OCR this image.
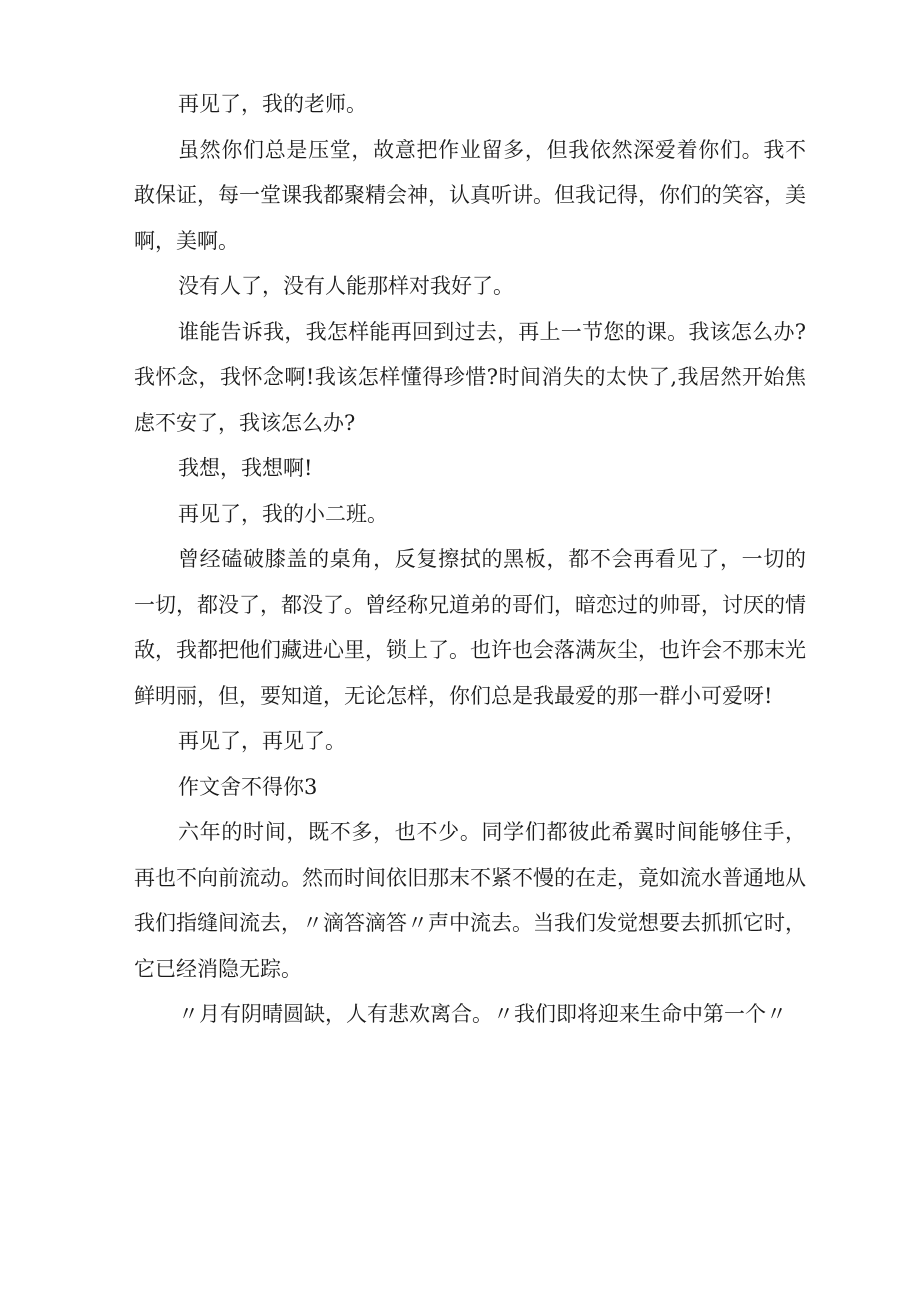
再见了，我的老师。

虽然你们总是压堂，故意把作业留多，但我依然深爱着你们。我不敢保证，每一堂课我都聚精会神，认真听讲。但我记得，你们的笑容，美啊，美啊。

没有人了，没有人能那样对我好了。

谁能告诉我，我怎样能再回到过去，再上一节您的课。我该怎么办?我怀念，我怀念啊!我该怎样懂得珍惜?时间消失的太快了,我居然开始焦虑不安了，我该怎么办?

我想，我想啊!

再见了，我的小二班。

曾经磕破膝盖的桌角，反复擦拭的黑板，都不会再看见了，一切的一切，都没了，都没了。曾经称兄道弟的哥们，暗恋过的帅哥，讨厌的情敌，我都把他们藏进心里，锁上了。也许也会落满灰尘，也许会不那末光鲜明丽，但，要知道，无论怎样，你们总是我最爱的那一群小可爱呀!

再见了，再见了。

作文舍不得你3

六年的时间，既不多，也不少。同学们都彼此希翼时间能够住手，再也不向前流动。然而时间依旧那末不紧不慢的在走，竟如流水普通地从我们指缝间流去，〃滴答滴答〃声中流去。当我们发觉想要去抓抓它时，它已经消隐无踪。

〃月有阴晴圆缺，人有悲欢离合。〃我们即将迎来生命中第一个〃
